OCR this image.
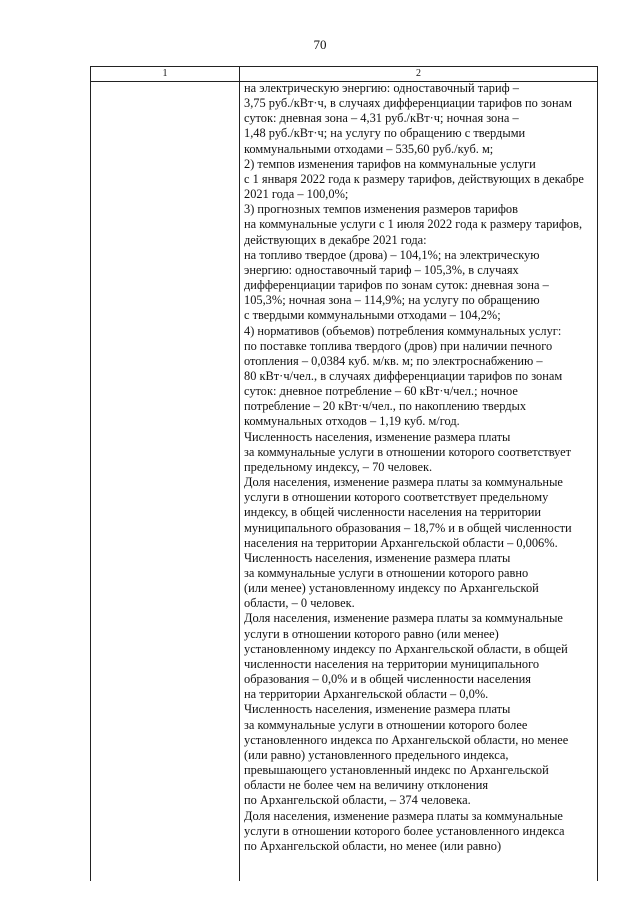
70
1	2
на электрическую энергию: одноставочный тариф –
3,75 руб./кВт·ч, в случаях дифференциации тарифов по зонам
суток: дневная зона – 4,31 руб./кВт·ч; ночная зона –
1,48 руб./кВт·ч; на услугу по обращению с твердыми
коммунальными отходами – 535,60 руб./куб. м;
2) темпов изменения тарифов на коммунальные услуги
с 1 января 2022 года к размеру тарифов, действующих в декабре
2021 года – 100,0%;
3) прогнозных темпов изменения размеров тарифов
на коммунальные услуги с 1 июля 2022 года к размеру тарифов,
действующих в декабре 2021 года:
на топливо твердое (дрова) – 104,1%; на электрическую
энергию: одноставочный тариф – 105,3%, в случаях
дифференциации тарифов по зонам суток: дневная зона –
105,3%; ночная зона – 114,9%; на услугу по обращению
с твердыми коммунальными отходами – 104,2%;
4) нормативов (объемов) потребления коммунальных услуг:
по поставке топлива твердого (дров) при наличии печного
отопления – 0,0384 куб. м/кв. м; по электроснабжению –
80 кВт·ч/чел., в случаях дифференциации тарифов по зонам
суток: дневное потребление – 60 кВт·ч/чел.; ночное
потребление – 20 кВт·ч/чел., по накоплению твердых
коммунальных отходов – 1,19 куб. м/год.
Численность населения, изменение размера платы
за коммунальные услуги в отношении которого соответствует
предельному индексу, – 70 человек.
Доля населения, изменение размера платы за коммунальные
услуги в отношении которого соответствует предельному
индексу, в общей численности населения на территории
муниципального образования – 18,7% и в общей численности
населения на территории Архангельской области – 0,006%.
Численность населения, изменение размера платы
за коммунальные услуги в отношении которого равно
(или менее) установленному индексу по Архангельской
области, – 0 человек.
Доля населения, изменение размера платы за коммунальные
услуги в отношении которого равно (или менее)
установленному индексу по Архангельской области, в общей
численности населения на территории муниципального
образования – 0,0% и в общей численности населения
на территории Архангельской области – 0,0%.
Численность населения, изменение размера платы
за коммунальные услуги в отношении которого более
установленного индекса по Архангельской области, но менее
(или равно) установленного предельного индекса,
превышающего установленный индекс по Архангельской
области не более чем на величину отклонения
по Архангельской области, – 374 человека.
Доля населения, изменение размера платы за коммунальные
услуги в отношении которого более установленного индекса
по Архангельской области, но менее (или равно)
